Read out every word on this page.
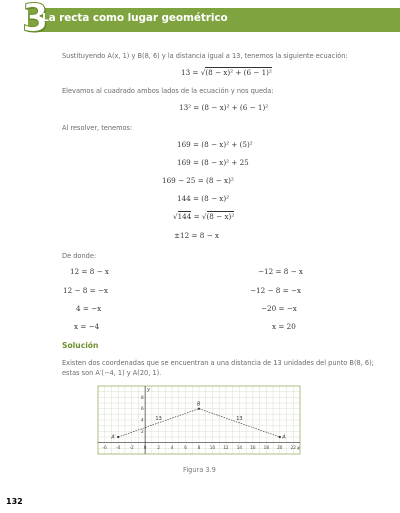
3
La recta como lugar geométrico
Sustituyendo A(x, 1) y B(8, 6) y la distancia igual a 13, tenemos la siguiente ecuación:
13 = √(8 − x)² + (6 − 1)²
Elevamos al cuadrado ambos lados de la ecuación y nos queda:
13² = (8 − x)² + (6 − 1)²
Al resolver, tenemos:
169 = (8 − x)² + (5)²
169 = (8 − x)² + 25
169 − 25 = (8 − x)²
144 = (8 − x)²
√144 = √(8 − x)²
±12 = 8 − x
De donde:
12 = 8 − x
12 − 8 = −x
4 = −x
x = −4
−12 = 8 − x
−12 − 8 = −x
−20 = −x
x = 20
Solución
Existen dos coordenadas que se encuentran a una distancia de 13 unidades del punto B(8, 6);
estas son A′(−4, 1) y A(20, 1).
x
y
-6 -4 -2 0	2	4	6	8 10 12 14 16 18 20 22
8
6
4
2
13	13
A′
B
A
Figura 3.9
132
